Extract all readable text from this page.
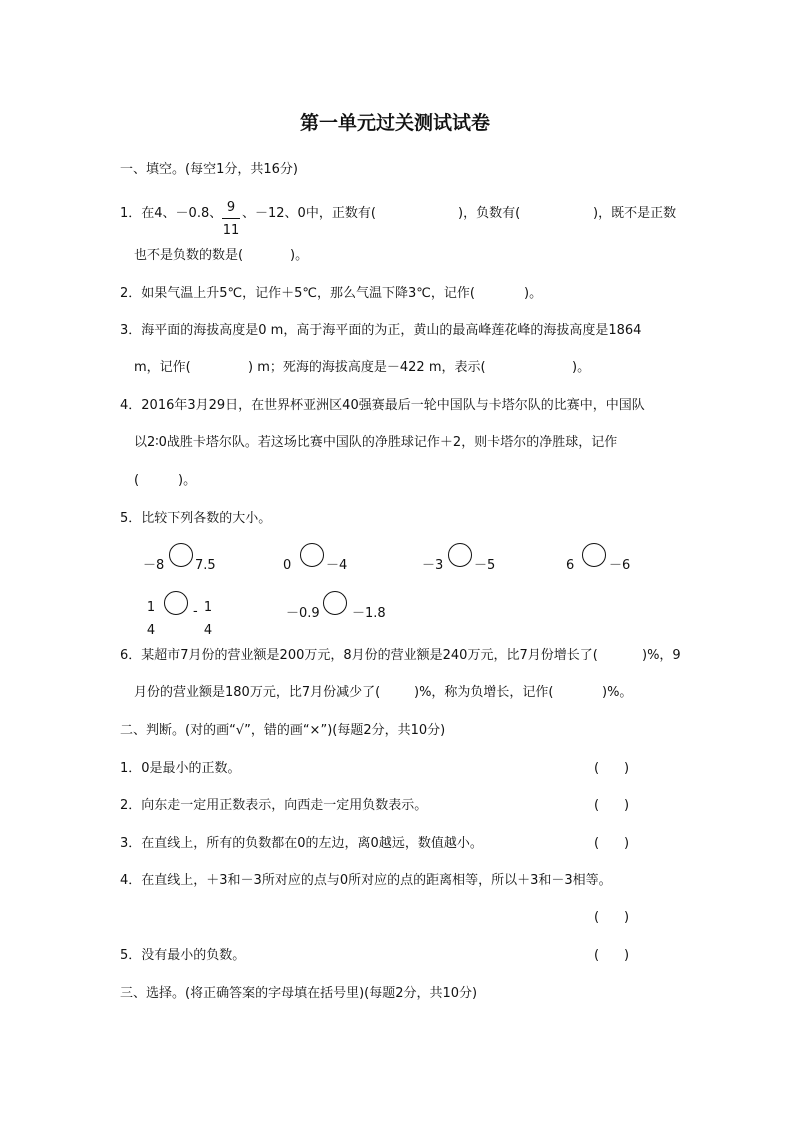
第一单元过关测试试卷
一、填空。(每空1分，共16分)
1．在4、－0.8、 9
11
、－12、0中，正数有(	)，负数有(	)，既不是正数
也不是负数的数是(	)。
2．如果气温上升5℃，记作＋5℃，那么气温下降3℃，记作(	)。
3．海平面的海拔高度是0 m，高于海平面的为正，黄山的最高峰莲花峰的海拔高度是1864
m，记作(	) m；死海的海拔高度是－422 m，表示(	)。
4．2016年3月29日，在世界杯亚洲区40强赛最后一轮中国队与卡塔尔队的比赛中，中国队
以2∶0战胜卡塔尔队。若这场比赛中国队的净胜球记作＋2，则卡塔尔的净胜球，记作
(	)。
5．比较下列各数的大小。
－8 7.5	0	－4	－3 －5	6	－6
1
4
- 1
4
－0.9 －1.8
6．某超市7月份的营业额是200万元，8月份的营业额是240万元，比7月份增长了(	)%，9
月份的营业额是180万元，比7月份减少了(	)%，称为负增长，记作(	)%。
二、判断。(对的画“√”，错的画“×”)(每题2分，共10分)
1．0是最小的正数。	( )
2．向东走一定用正数表示，向西走一定用负数表示。	( )
3．在直线上，所有的负数都在0的左边，离0越远，数值越小。	( )
4．在直线上，＋3和－3所对应的点与0所对应的点的距离相等，所以＋3和－3相等。
( )
5．没有最小的负数。	( )
三、选择。(将正确答案的字母填在括号里)(每题2分，共10分)
